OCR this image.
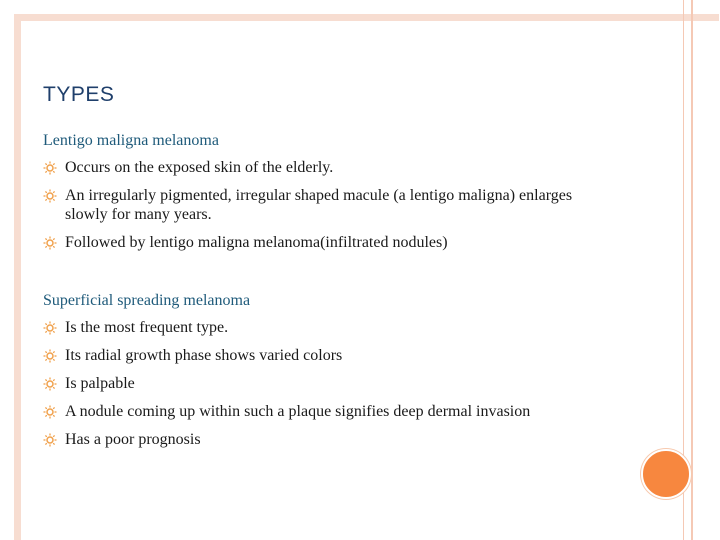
TYPES

Lentigo maligna melanoma

Occurs on the exposed skin of the elderly.
An irregularly pigmented, irregular shaped macule (a lentigo maligna) enlarges slowly for many years.
Followed by lentigo maligna melanoma(infiltrated nodules)

Superficial spreading melanoma

Is the most frequent type.
Its radial growth phase shows varied colors
Is palpable
A nodule coming up within such a plaque signifies deep dermal invasion
Has a poor prognosis
